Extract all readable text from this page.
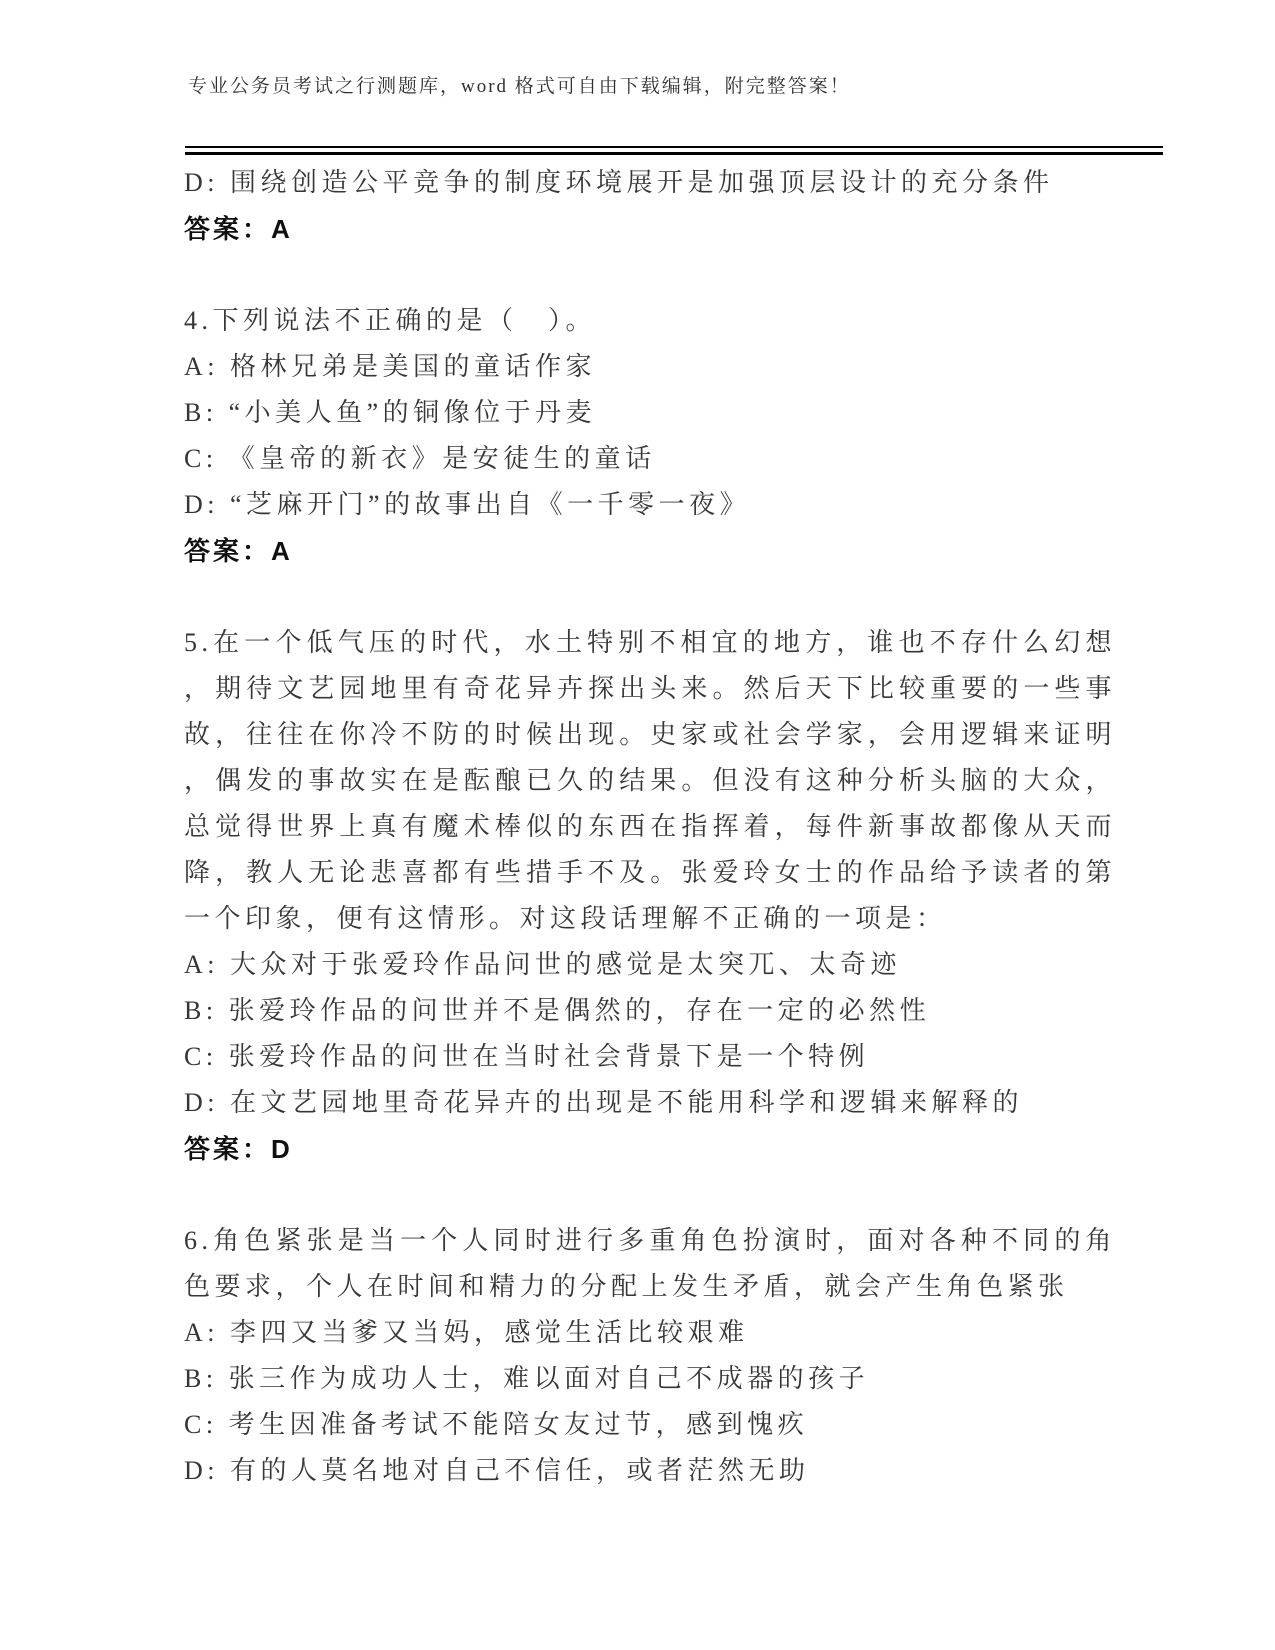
专业公务员考试之行测题库，word 格式可自由下载编辑，附完整答案！

D: 围绕创造公平竞争的制度环境展开是加强顶层设计的充分条件

答案：A

4.下列说法不正确的是（　）。

A: 格林兄弟是美国的童话作家

B: “小美人鱼”的铜像位于丹麦

C: 《皇帝的新衣》是安徒生的童话

D: “芝麻开门”的故事出自《一千零一夜》

答案：A

5.在一个低气压的时代，水土特别不相宜的地方，谁也不存什么幻想，期待文艺园地里有奇花异卉探出头来。然后天下比较重要的一些事故，往往在你冷不防的时候出现。史家或社会学家，会用逻辑来证明，偶发的事故实在是酝酿已久的结果。但没有这种分析头脑的大众，总觉得世界上真有魔术棒似的东西在指挥着，每件新事故都像从天而降，教人无论悲喜都有些措手不及。张爱玲女士的作品给予读者的第一个印象，便有这情形。对这段话理解不正确的一项是：

A: 大众对于张爱玲作品问世的感觉是太突兀、太奇迹

B: 张爱玲作品的问世并不是偶然的，存在一定的必然性

C: 张爱玲作品的问世在当时社会背景下是一个特例

D: 在文艺园地里奇花异卉的出现是不能用科学和逻辑来解释的

答案：D

6.角色紧张是当一个人同时进行多重角色扮演时，面对各种不同的角色要求，个人在时间和精力的分配上发生矛盾，就会产生角色紧张

A: 李四又当爹又当妈，感觉生活比较艰难

B: 张三作为成功人士，难以面对自己不成器的孩子

C: 考生因准备考试不能陪女友过节，感到愧疚

D: 有的人莫名地对自己不信任，或者茫然无助
